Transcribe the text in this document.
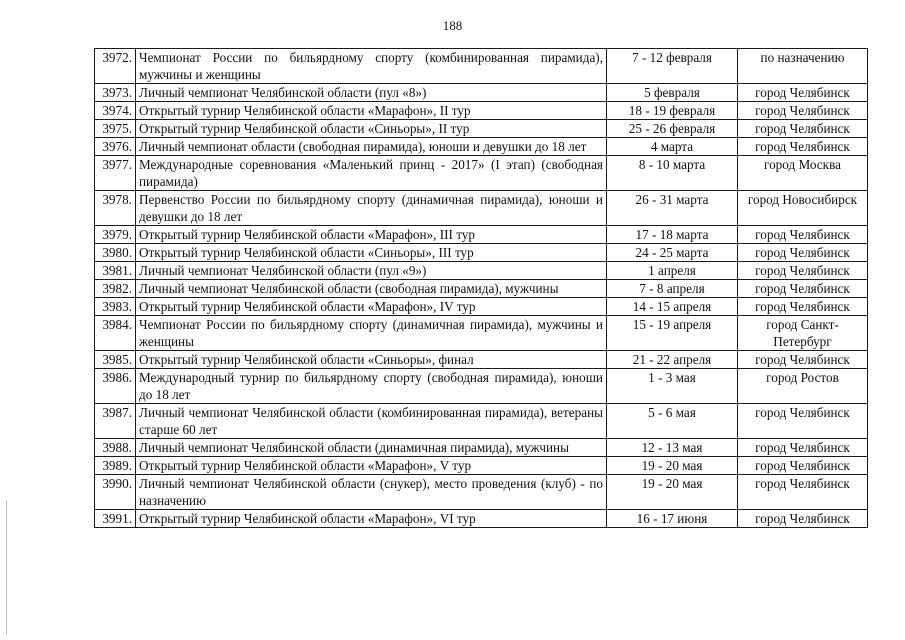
188
3972.	Чемпионат России по бильярдному спорту (комбинированная пирамида), мужчины и женщины	7 - 12 февраля	по назначению
3973.	Личный чемпионат Челябинской области (пул «8»)	5 февраля	город Челябинск
3974.	Открытый турнир Челябинской области «Марафон», II тур	18 - 19 февраля	город Челябинск
3975.	Открытый турнир Челябинской области «Синьоры», II тур	25 - 26 февраля	город Челябинск
3976.	Личный чемпионат области (свободная пирамида), юноши и девушки до 18 лет	4 марта	город Челябинск
3977.	Международные соревнования «Маленький принц - 2017» (I этап) (свободная пирамида)	8 - 10 марта	город Москва
3978.	Первенство России по бильярдному спорту (динамичная пирамида), юноши и девушки до 18 лет	26 - 31 марта	город Новосибирск
3979.	Открытый турнир Челябинской области «Марафон», III тур	17 - 18 марта	город Челябинск
3980.	Открытый турнир Челябинской области «Синьоры», III тур	24 - 25 марта	город Челябинск
3981.	Личный чемпионат Челябинской области (пул «9»)	1 апреля	город Челябинск
3982.	Личный чемпионат Челябинской области (свободная пирамида), мужчины	7 - 8 апреля	город Челябинск
3983.	Открытый турнир Челябинской области «Марафон», IV тур	14 - 15 апреля	город Челябинск
3984.	Чемпионат России по бильярдному спорту (динамичная пирамида), мужчины и женщины	15 - 19 апреля	город Санкт-Петербург
3985.	Открытый турнир Челябинской области «Синьоры», финал	21 - 22 апреля	город Челябинск
3986.	Международный турнир по бильярдному спорту (свободная пирамида), юноши до 18 лет	1 - 3 мая	город Ростов
3987.	Личный чемпионат Челябинской области (комбинированная пирамида), ветераны старше 60 лет	5 - 6 мая	город Челябинск
3988.	Личный чемпионат Челябинской области (динамичная пирамида), мужчины	12 - 13 мая	город Челябинск
3989.	Открытый турнир Челябинской области «Марафон», V тур	19 - 20 мая	город Челябинск
3990.	Личный чемпионат Челябинской области (снукер), место проведения (клуб) - по назначению	19 - 20 мая	город Челябинск
3991.	Открытый турнир Челябинской области «Марафон», VI тур	16 - 17 июня	город Челябинск
